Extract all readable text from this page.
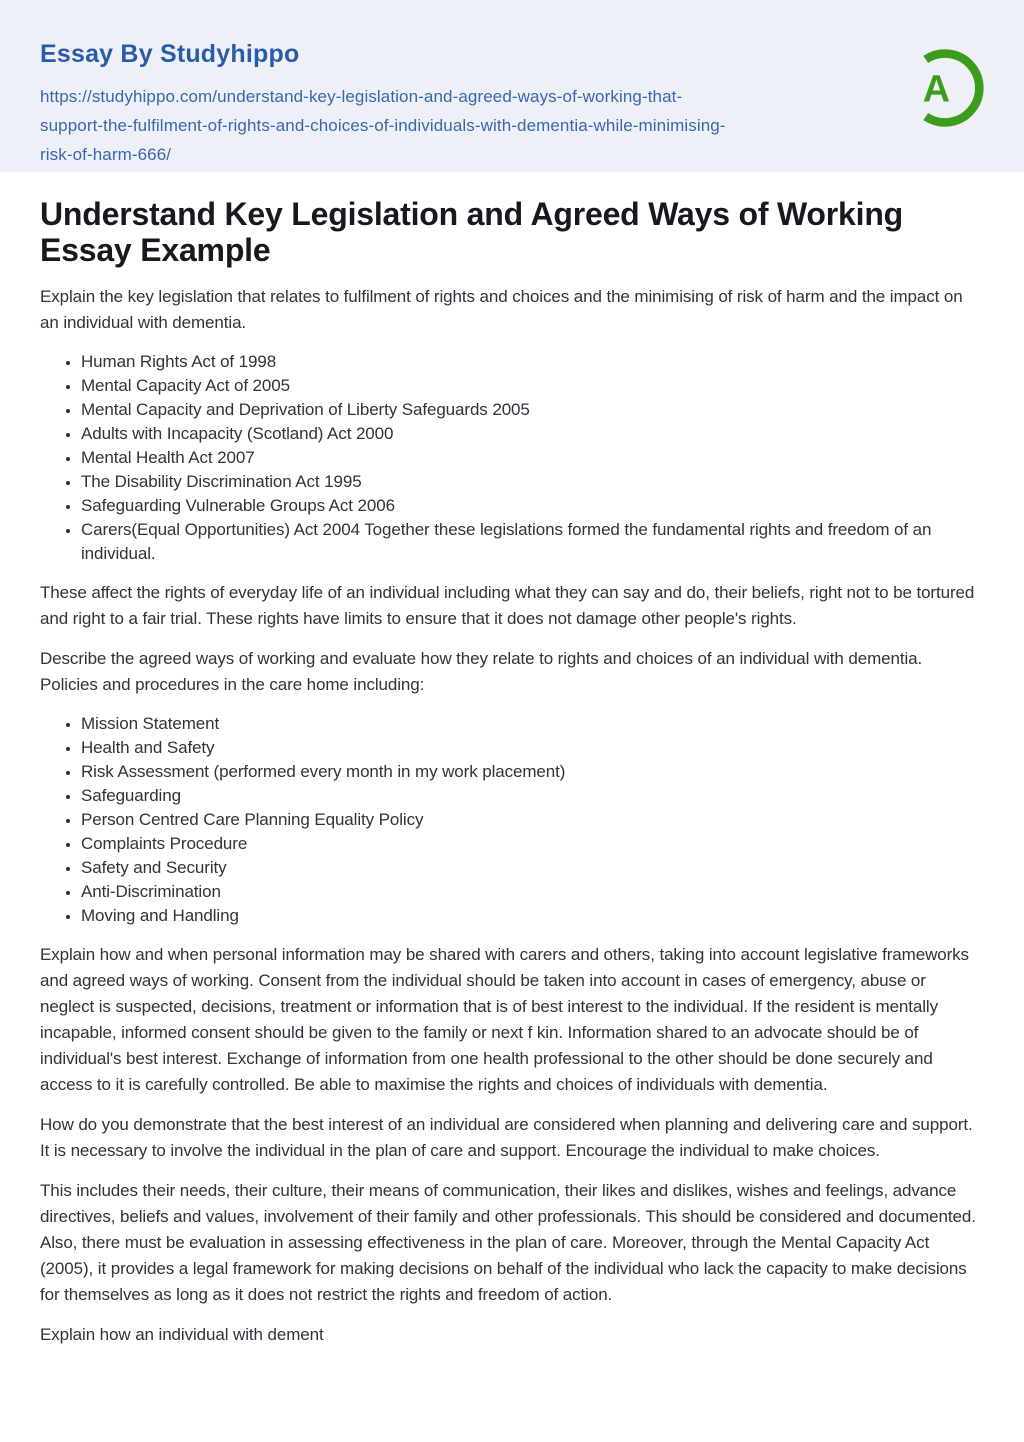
Essay By Studyhippo
https://studyhippo.com/understand-key-legislation-and-agreed-ways-of-working-that-
support-the-fulfilment-of-rights-and-choices-of-individuals-with-dementia-while-minimising-
risk-of-harm-666/
A
Understand Key Legislation and Agreed Ways of Working Essay Example

Explain the key legislation that relates to fulfilment of rights and choices and the minimising of risk of harm and the impact on an individual with dementia.

• Human Rights Act of 1998
• Mental Capacity Act of 2005
• Mental Capacity and Deprivation of Liberty Safeguards 2005
• Adults with Incapacity (Scotland) Act 2000
• Mental Health Act 2007
• The Disability Discrimination Act 1995
• Safeguarding Vulnerable Groups Act 2006
• Carers(Equal Opportunities) Act 2004 Together these legislations formed the fundamental rights and freedom of an individual.

These affect the rights of everyday life of an individual including what they can say and do, their beliefs, right not to be tortured and right to a fair trial. These rights have limits to ensure that it does not damage other people's rights.

Describe the agreed ways of working and evaluate how they relate to rights and choices of an individual with dementia. Policies and procedures in the care home including:

• Mission Statement
• Health and Safety
• Risk Assessment (performed every month in my work placement)
• Safeguarding
• Person Centred Care Planning Equality Policy
• Complaints Procedure
• Safety and Security
• Anti-Discrimination
• Moving and Handling

Explain how and when personal information may be shared with carers and others, taking into account legislative frameworks and agreed ways of working. Consent from the individual should be taken into account in cases of emergency, abuse or neglect is suspected, decisions, treatment or information that is of best interest to the individual. If the resident is mentally incapable, informed consent should be given to the family or next f kin. Information shared to an advocate should be of individual's best interest. Exchange of information from one health professional to the other should be done securely and access to it is carefully controlled. Be able to maximise the rights and choices of individuals with dementia.

How do you demonstrate that the best interest of an individual are considered when planning and delivering care and support. It is necessary to involve the individual in the plan of care and support. Encourage the individual to make choices.

This includes their needs, their culture, their means of communication, their likes and dislikes, wishes and feelings, advance directives, beliefs and values, involvement of their family and other professionals. This should be considered and documented. Also, there must be evaluation in assessing effectiveness in the plan of care. Moreover, through the Mental Capacity Act (2005), it provides a legal framework for making decisions on behalf of the individual who lack the capacity to make decisions for themselves as long as it does not restrict the rights and freedom of action.

Explain how an individual with dement
